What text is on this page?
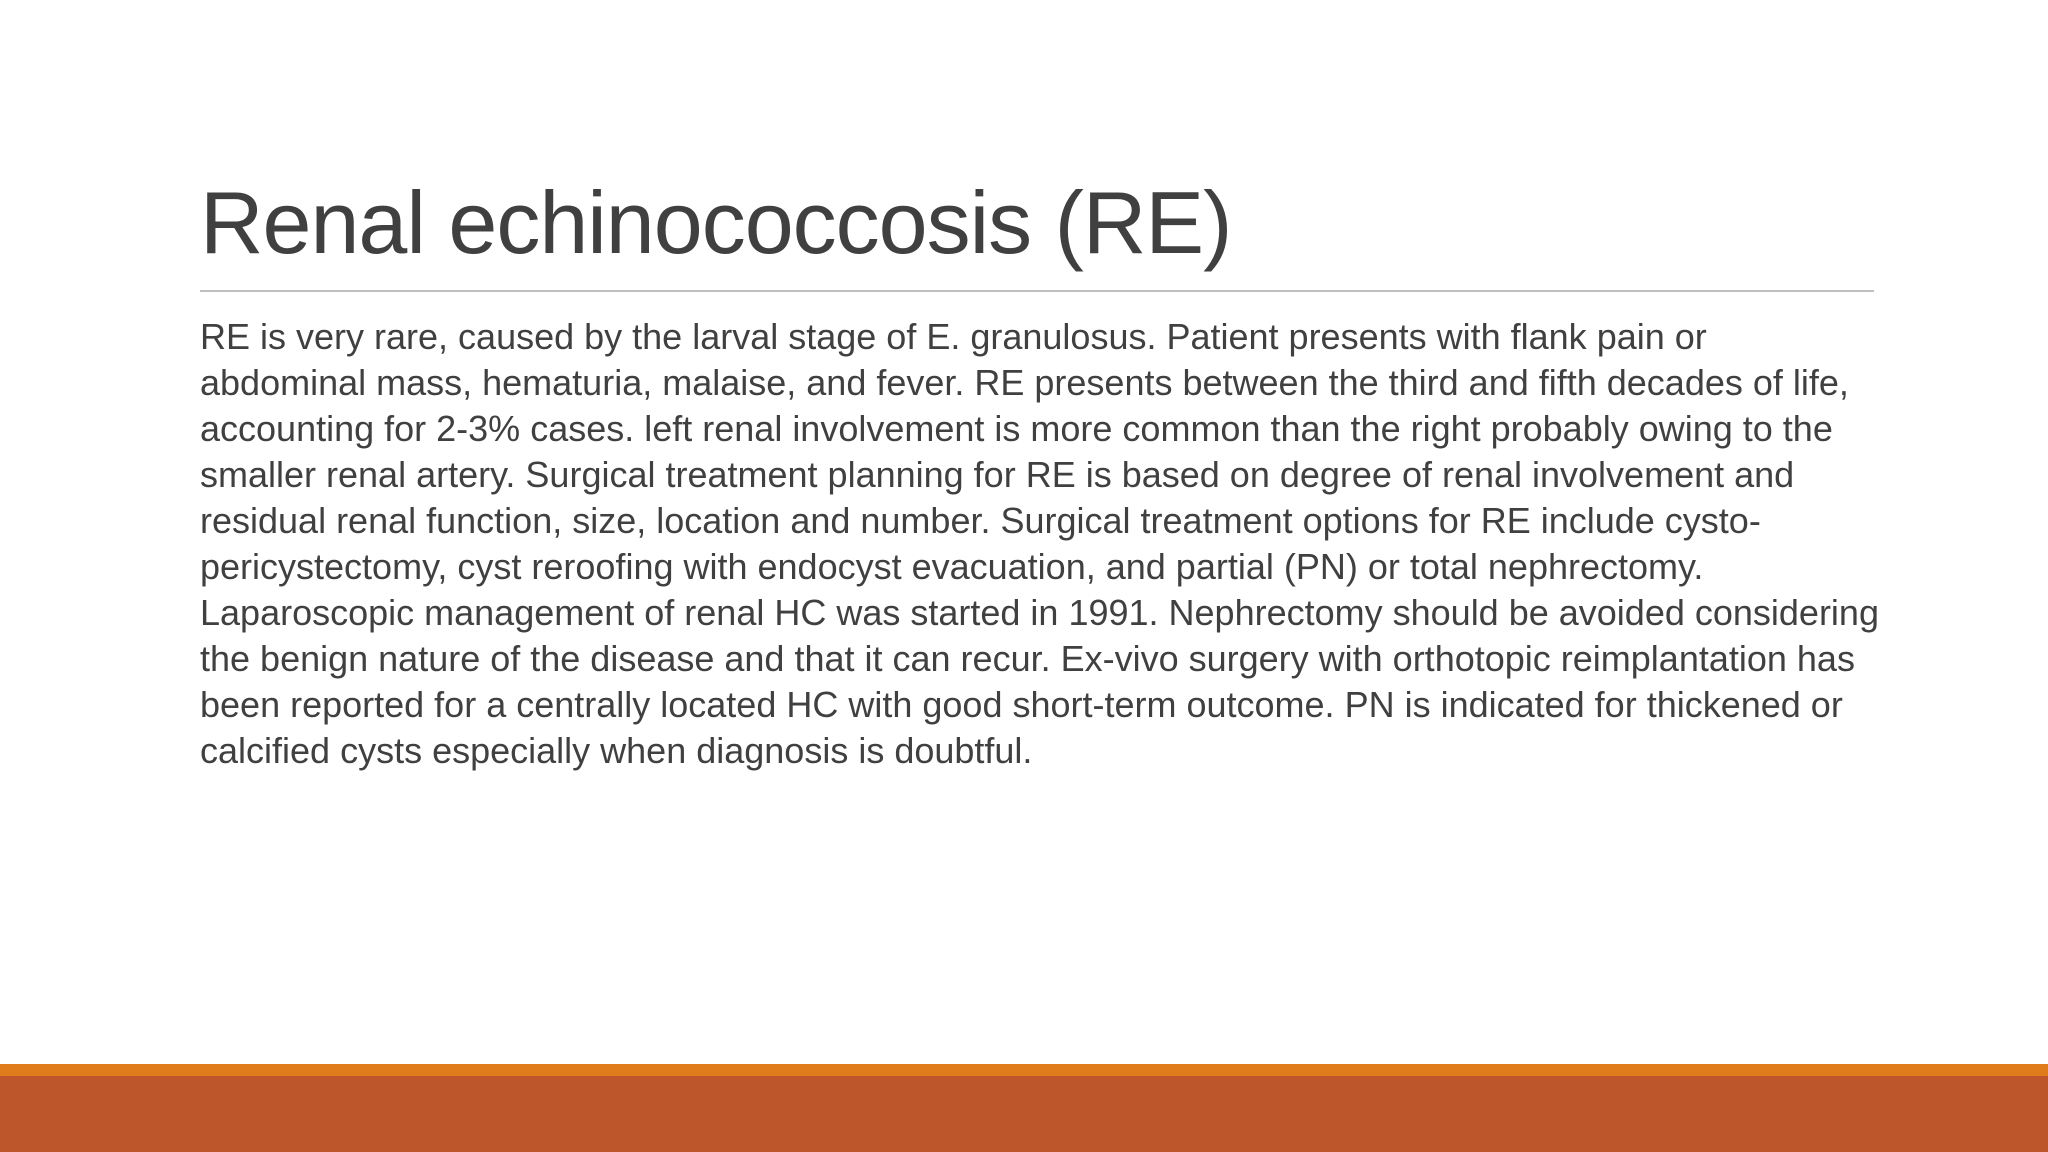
Renal echinococcosis (RE)

RE is very rare, caused by the larval stage of E. granulosus. Patient presents with flank pain or abdominal mass, hematuria, malaise, and fever. RE presents between the third and fifth decades of life, accounting for 2-3% cases. left renal involvement is more common than the right probably owing to the smaller renal artery. Surgical treatment planning for RE is based on degree of renal involvement and residual renal function, size, location and number. Surgical treatment options for RE include cysto-pericystectomy, cyst reroofing with endocyst evacuation, and partial (PN) or total nephrectomy. Laparoscopic management of renal HC was started in 1991. Nephrectomy should be avoided considering the benign nature of the disease and that it can recur. Ex-vivo surgery with orthotopic reimplantation has been reported for a centrally located HC with good short-term outcome. PN is indicated for thickened or calcified cysts especially when diagnosis is doubtful.
